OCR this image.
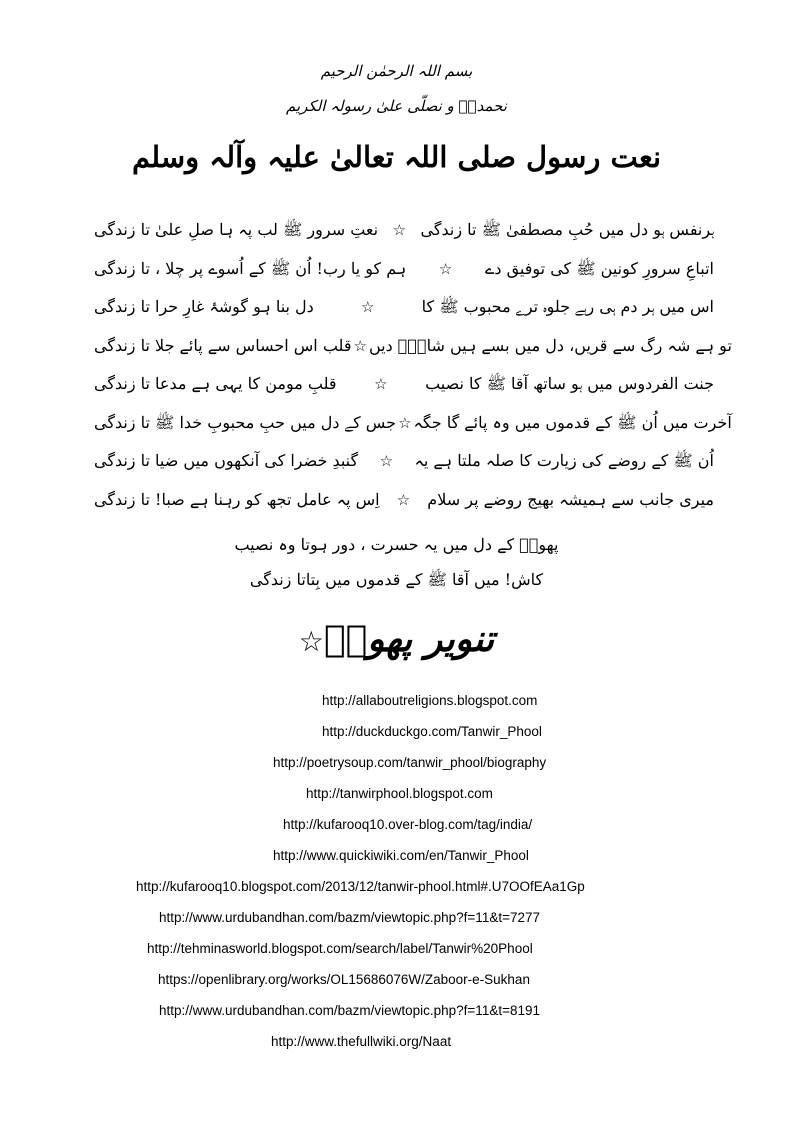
بسم اللہ الرحمٰن الرحیم
نحمدہٗ و نصلّی علیٰ رسولہ الکریم
نعت رسول صلی اللہ تعالیٰ علیہ وآلہ وسلم
نعتِ سرور ﷺ لب پہ ہا صلِ علیٰ تا زندگی ☆ ہرنفس ہو دل میں حُبِ مصطفیٰ ﷺ تا زندگی
ہم کو یا رب! اُن ﷺ کے اُسوے پر چلا ، تا زندگی ☆ اتباعِ سرورِ کونین ﷺ کی توفیق دے
دل بنا ہو گوشۂ غارِ حرا تا زندگی	☆	اس میں ہر دم ہی رہے جلوہ ترے محبوب ﷺ کا
قلب اس احساس سے پائے جلا تا زندگی ☆ تو ہے شہ رگ سے قریں، دل میں بسے ہیں شاہِؐ دیں
قلبِ مومن کا یہی ہے مدعا تا زندگی	☆ جنت الفردوس میں ہو ساتھ آقا ﷺ کا نصیب
جس کے دل میں حبِ محبوبِ خدا ﷺ تا زندگی ☆ آخرت میں اُن ﷺ کے قدموں میں وہ پائے گا جگہ
گنبدِ خضرا کی آنکھوں میں ضیا تا زندگی ☆ اُن ﷺ کے روضے کی زیارت کا صلہ ملتا ہے یہ
اِس پہ عامل تجھ کو رہنا ہے صبا! تا زندگی ☆ میری جانب سے ہمیشہ بھیج روضے پر سلام
پھولؔ کے دل میں یہ حسرت ، دور ہوتا وہ نصیب
کاش! میں آقا ﷺ کے قدموں میں بِتاتا زندگی
تنویر پھولؔ☆
http://allaboutreligions.blogspot.com
http://duckduckgo.com/Tanwir_Phool
http://poetrysoup.com/tanwir_phool/biography
http://tanwirphool.blogspot.com
http://kufarooq10.over-blog.com/tag/india/
http://www.quickiwiki.com/en/Tanwir_Phool
http://kufarooq10.blogspot.com/2013/12/tanwir-phool.html#.U7OOfEAa1Gp
http://www.urdubandhan.com/bazm/viewtopic.php?f=11&t=7277
http://tehminasworld.blogspot.com/search/label/Tanwir%20Phool
https://openlibrary.org/works/OL15686076W/Zaboor-e-Sukhan
http://www.urdubandhan.com/bazm/viewtopic.php?f=11&t=8191
http://www.thefullwiki.org/Naat
